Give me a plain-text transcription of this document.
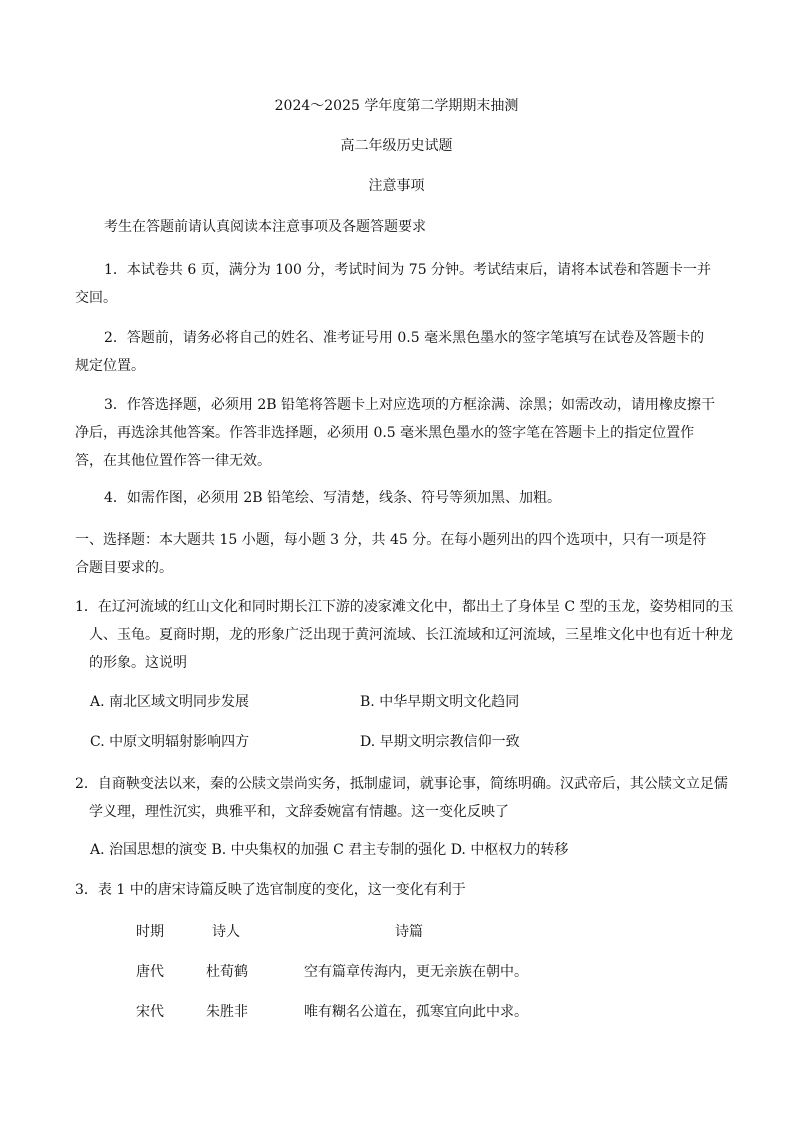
2024～2025 学年度第二学期期末抽测
高二年级历史试题
注意事项
考生在答题前请认真阅读本注意事项及各题答题要求
1．本试卷共 6 页，满分为 100 分，考试时间为 75 分钟。考试结束后，请将本试卷和答题卡一并交回。
2．答题前，请务必将自己的姓名、准考证号用 0.5 毫米黑色墨水的签字笔填写在试卷及答题卡的规定位置。
3．作答选择题，必须用 2B 铅笔将答题卡上对应选项的方框涂满、涂黑；如需改动，请用橡皮擦干净后，再选涂其他答案。作答非选择题，必须用 0.5 毫米黑色墨水的签字笔在答题卡上的指定位置作答，在其他位置作答一律无效。
4．如需作图，必须用 2B 铅笔绘、写清楚，线条、符号等须加黑、加粗。
一、选择题：本大题共 15 小题，每小题 3 分，共 45 分。在每小题列出的四个选项中，只有一项是符合题目要求的。
1．在辽河流域的红山文化和同时期长江下游的凌家滩文化中，都出土了身体呈 C 型的玉龙，姿势相同的玉人、玉龟。夏商时期，龙的形象广泛出现于黄河流域、长江流域和辽河流域，三星堆文化中也有近十种龙的形象。这说明
A. 南北区域文明同步发展	B. 中华早期文明文化趋同
C. 中原文明辐射影响四方	D. 早期文明宗教信仰一致
2．自商鞅变法以来，秦的公牍文崇尚实务，抵制虚词，就事论事，简练明确。汉武帝后，其公牍文立足儒学义理，理性沉实，典雅平和，文辞委婉富有情趣。这一变化反映了
A. 治国思想的演变 B. 中央集权的加强 C 君主专制的强化 D. 中枢权力的转移
3．表 1 中的唐宋诗篇反映了选官制度的变化，这一变化有利于
时期	诗人	诗篇
唐代	杜荀鹤	空有篇章传海内，更无亲族在朝中。
宋代	朱胜非	唯有糊名公道在，孤寒宜向此中求。
